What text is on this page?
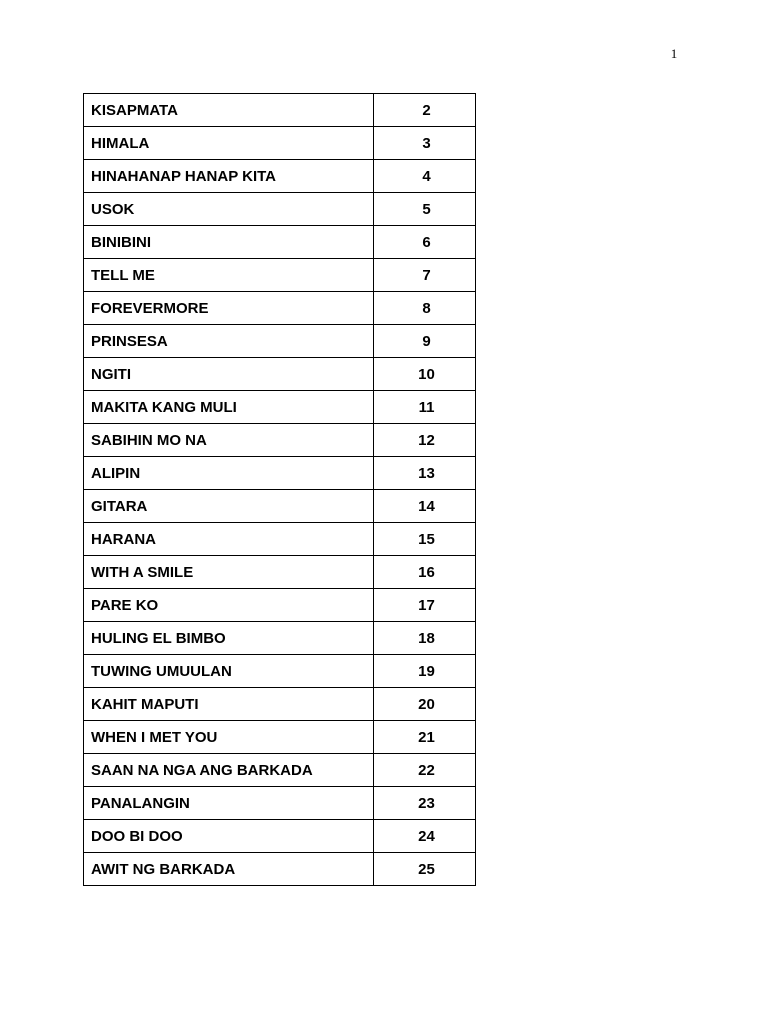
1
KISAPMATA	2
HIMALA	3
HINAHANAP HANAP KITA	4
USOK	5
BINIBINI	6
TELL ME	7
FOREVERMORE	8
PRINSESA	9
NGITI	10
MAKITA KANG MULI	11
SABIHIN MO NA	12
ALIPIN	13
GITARA	14
HARANA	15
WITH A SMILE	16
PARE KO	17
HULING EL BIMBO	18
TUWING UMUULAN	19
KAHIT MAPUTI	20
WHEN I MET YOU	21
SAAN NA NGA ANG BARKADA	22
PANALANGIN	23
DOO BI DOO	24
AWIT NG BARKADA	25
